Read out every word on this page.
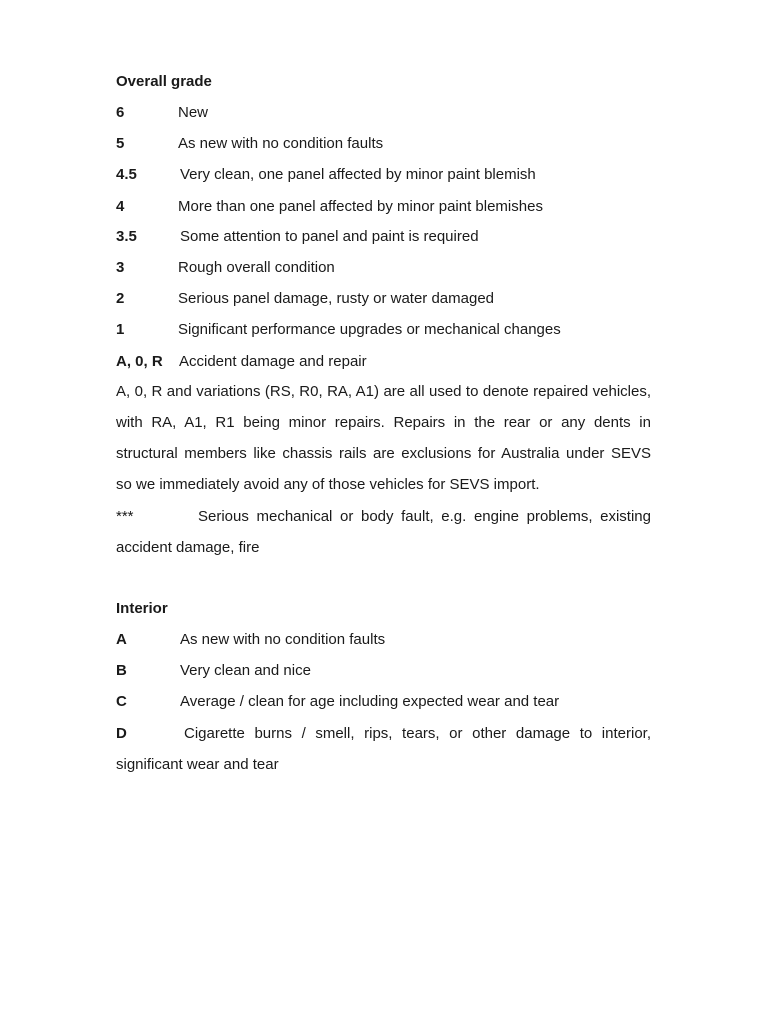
Overall grade
6	New
5	As new with no condition faults
4.5	Very clean, one panel affected by minor paint blemish
4	More than one panel affected by minor paint blemishes
3.5	Some attention to panel and paint is required
3	Rough overall condition
2	Serious panel damage, rusty or water damaged
1	Significant performance upgrades or mechanical changes
A, 0, R Accident damage and repair
A, 0, R and variations (RS, R0, RA, A1) are all used to denote repaired vehicles,
with RA, A1, R1 being minor repairs. Repairs in the rear or any dents in
structural members like chassis rails are exclusions for Australia under SEVS
so we immediately avoid any of those vehicles for SEVS import.
***	Serious mechanical or body fault, e.g. engine problems, existing
accident damage, fire
Interior
A	As new with no condition faults
B	Very clean and nice
C	Average / clean for age including expected wear and tear
D	Cigarette burns / smell, rips, tears, or other damage to interior,
significant wear and tear
